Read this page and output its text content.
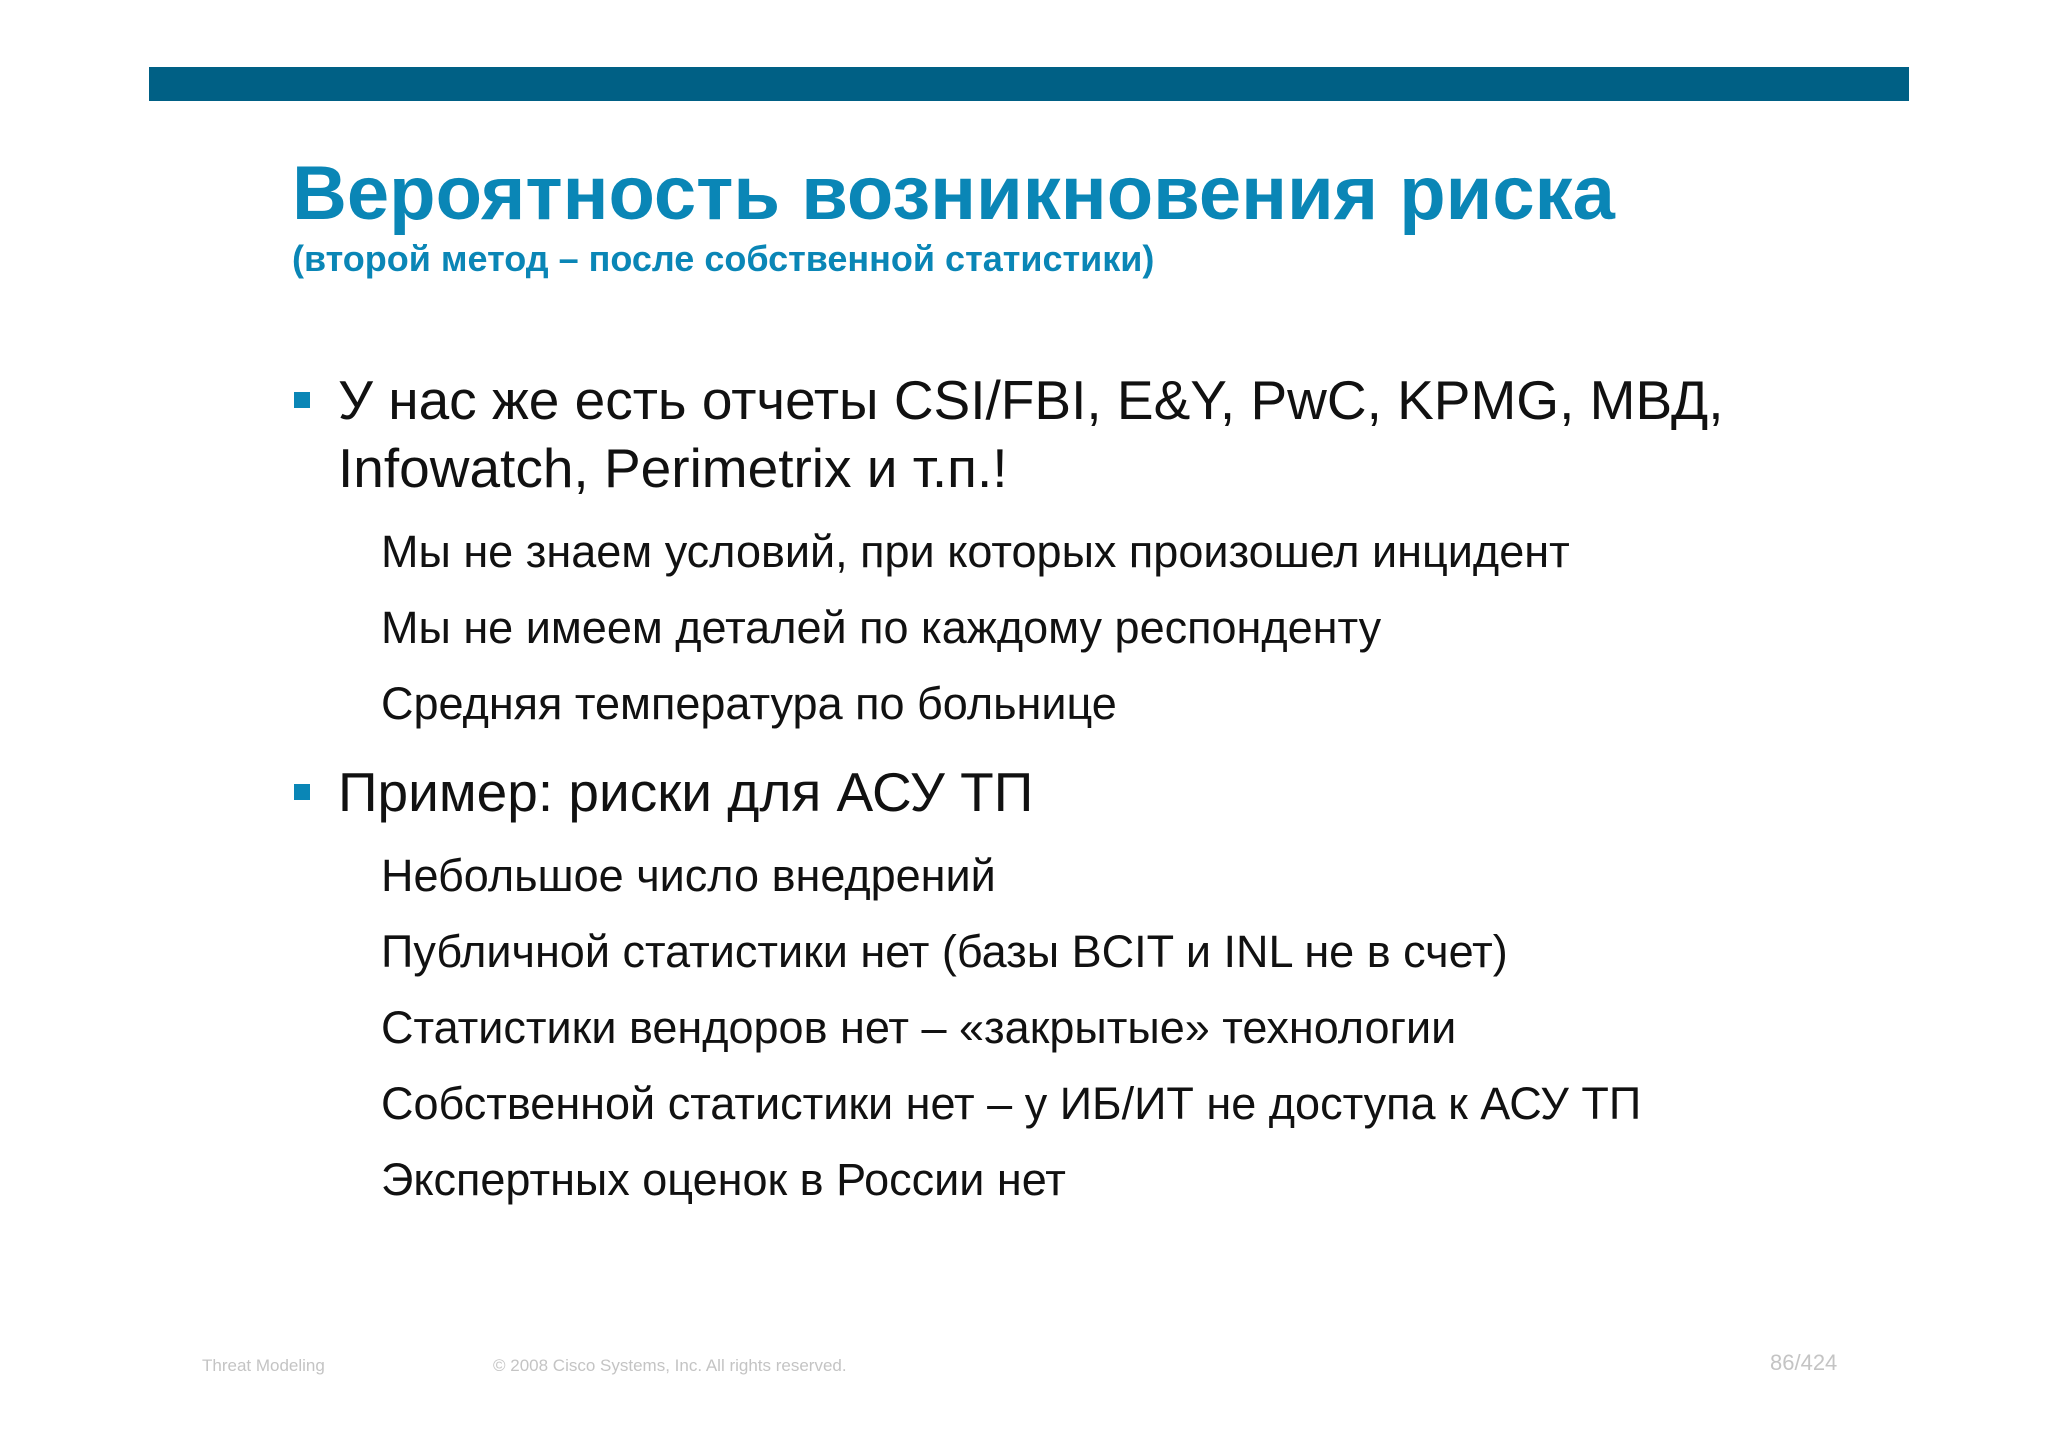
Вероятность возникновения риска
(второй метод – после собственной статистики)
У нас же есть отчеты CSI/FBI, E&Y, PwC, KPMG, МВД, Infowatch, Perimetrix и т.п.!
Мы не знаем условий, при которых произошел инцидент
Мы не имеем деталей по каждому респонденту
Средняя температура по больнице
Пример: риски для АСУ ТП
Небольшое число внедрений
Публичной статистики нет (базы BCIT и INL не в счет)
Статистики вендоров нет – «закрытые» технологии
Собственной статистики нет – у ИБ/ИТ не доступа к АСУ ТП
Экспертных оценок в России нет
Threat Modeling	© 2008 Cisco Systems, Inc. All rights reserved.	86/424
